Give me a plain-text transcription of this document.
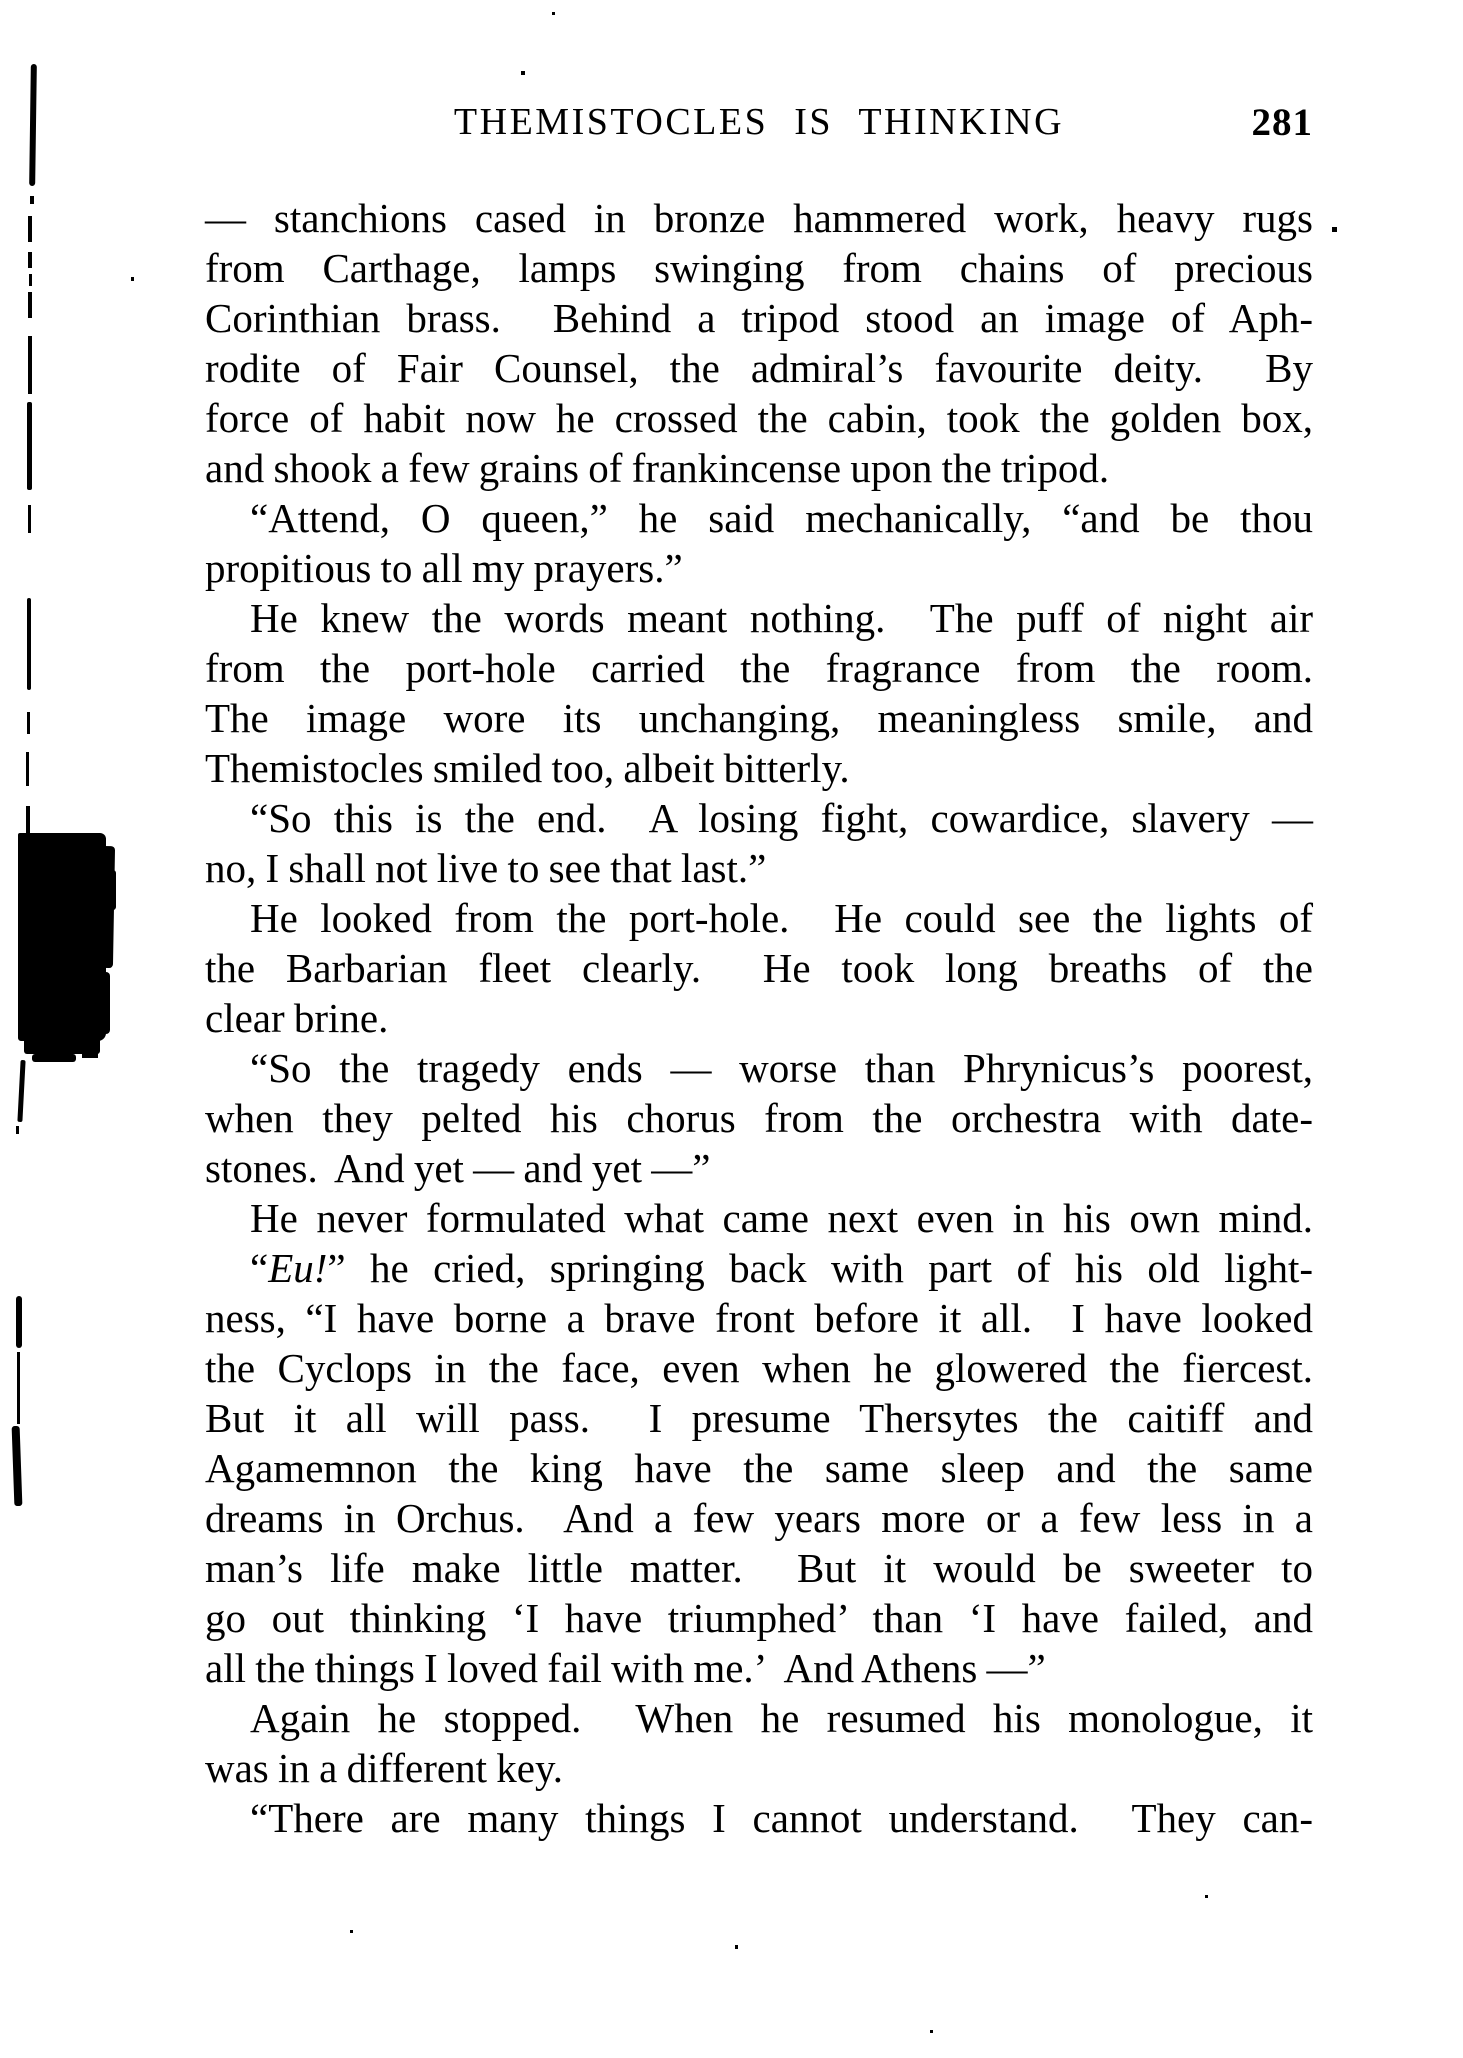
THEMISTOCLES IS THINKING	281
— stanchions cased in bronze hammered work, heavy rugs
from Carthage, lamps swinging from chains of precious
Corinthian brass.  Behind a tripod stood an image of Aph-
rodite of Fair Counsel, the admiral’s favourite deity.  By
force of habit now he crossed the cabin, took the golden box,
and shook a few grains of frankincense upon the tripod.
“Attend, O queen,” he said mechanically, “and be thou
propitious to all my prayers.”
He knew the words meant nothing.  The puff of night air
from the port-hole carried the fragrance from the room.
The image wore its unchanging, meaningless smile, and
Themistocles smiled too, albeit bitterly.
“So this is the end.  A losing fight, cowardice, slavery —
no, I shall not live to see that last.”
He looked from the port-hole.  He could see the lights of
the Barbarian fleet clearly.  He took long breaths of the
clear brine.
“So the tragedy ends — worse than Phrynicus’s poorest,
when they pelted his chorus from the orchestra with date-
stones.  And yet — and yet —”
He never formulated what came next even in his own mind.
“Eu!” he cried, springing back with part of his old light-
ness, “I have borne a brave front before it all.  I have looked
the Cyclops in the face, even when he glowered the fiercest.
But it all will pass.  I presume Thersytes the caitiff and
Agamemnon the king have the same sleep and the same
dreams in Orchus.  And a few years more or a few less in a
man’s life make little matter.  But it would be sweeter to
go out thinking ‘I have triumphed’ than ‘I have failed, and
all the things I loved fail with me.’  And Athens —”
Again he stopped.  When he resumed his monologue, it
was in a different key.
“There are many things I cannot understand.  They can-
